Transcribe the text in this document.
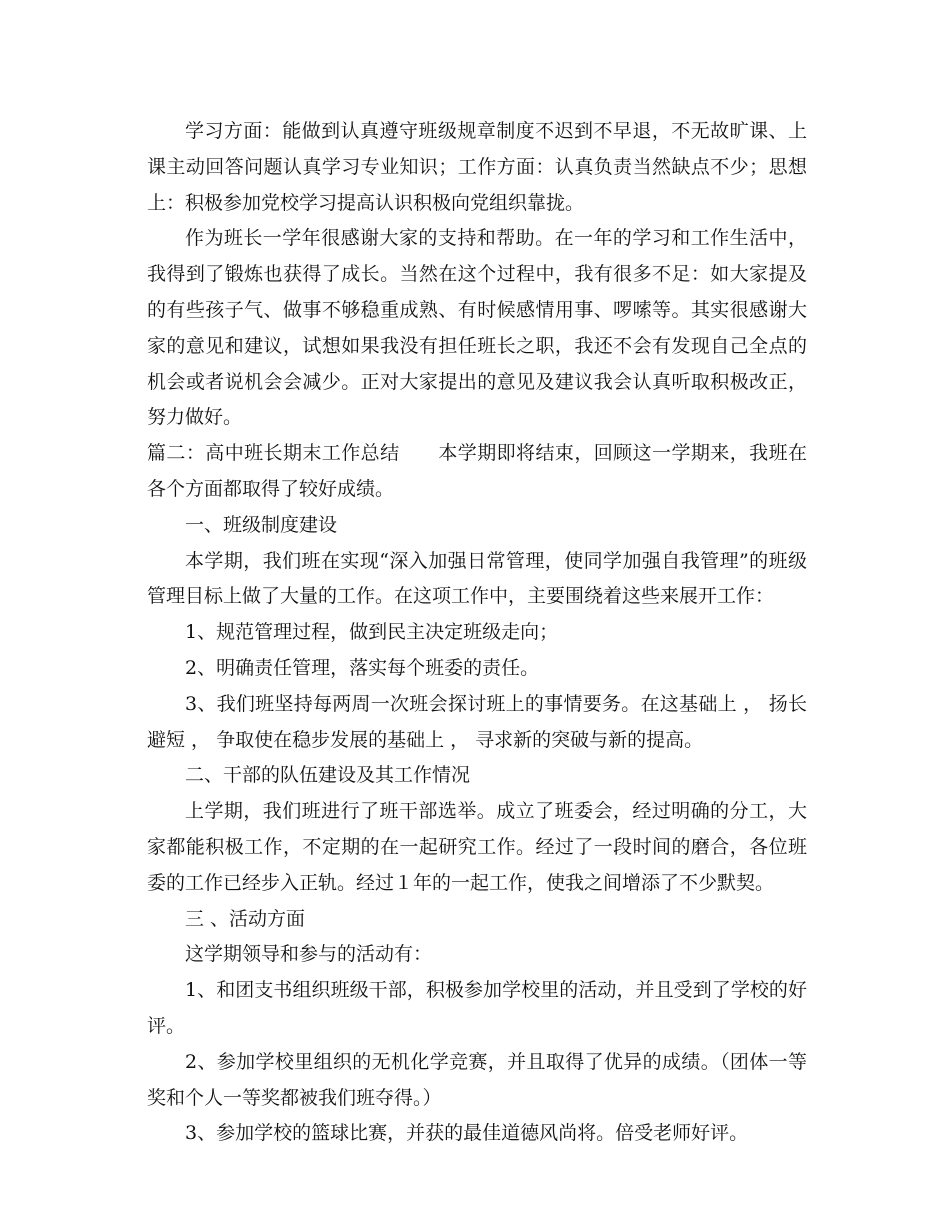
学习方面：能做到认真遵守班级规章制度不迟到不早退，不无故旷课、上课主动回答问题认真学习专业知识；工作方面：认真负责当然缺点不少；思想上：积极参加党校学习提高认识积极向党组织靠拢。

作为班长一学年很感谢大家的支持和帮助。在一年的学习和工作生活中，我得到了锻炼也获得了成长。当然在这个过程中，我有很多不足：如大家提及的有些孩子气、做事不够稳重成熟、有时候感情用事、啰嗦等。其实很感谢大家的意见和建议，试想如果我没有担任班长之职，我还不会有发现自己全点的机会或者说机会会减少。正对大家提出的意见及建议我会认真听取积极改正，努力做好。

篇二：高中班长期末工作总结　　本学期即将结束，回顾这一学期来，我班在各个方面都取得了较好成绩。

一、班级制度建设

本学期，我们班在实现“深入加强日常管理，使同学加强自我管理”的班级管理目标上做了大量的工作。在这项工作中，主要围绕着这些来展开工作：

1、规范管理过程，做到民主决定班级走向；

2、明确责任管理，落实每个班委的责任。

3、我们班坚持每两周一次班会探讨班上的事情要务。在这基础上 ， 扬长避短 ， 争取使在稳步发展的基础上 ， 寻求新的突破与新的提高。

二、干部的队伍建设及其工作情况

上学期，我们班进行了班干部选举。成立了班委会，经过明确的分工，大家都能积极工作，不定期的在一起研究工作。经过了一段时间的磨合，各位班委的工作已经步入正轨。经过１年的一起工作，使我之间增添了不少默契。

三 、活动方面

这学期领导和参与的活动有：

1、和团支书组织班级干部，积极参加学校里的活动，并且受到了学校的好评。

2、参加学校里组织的无机化学竞赛，并且取得了优异的成绩。（团体一等奖和个人一等奖都被我们班夺得。）

3、参加学校的篮球比赛，并获的最佳道德风尚将。倍受老师好评。
